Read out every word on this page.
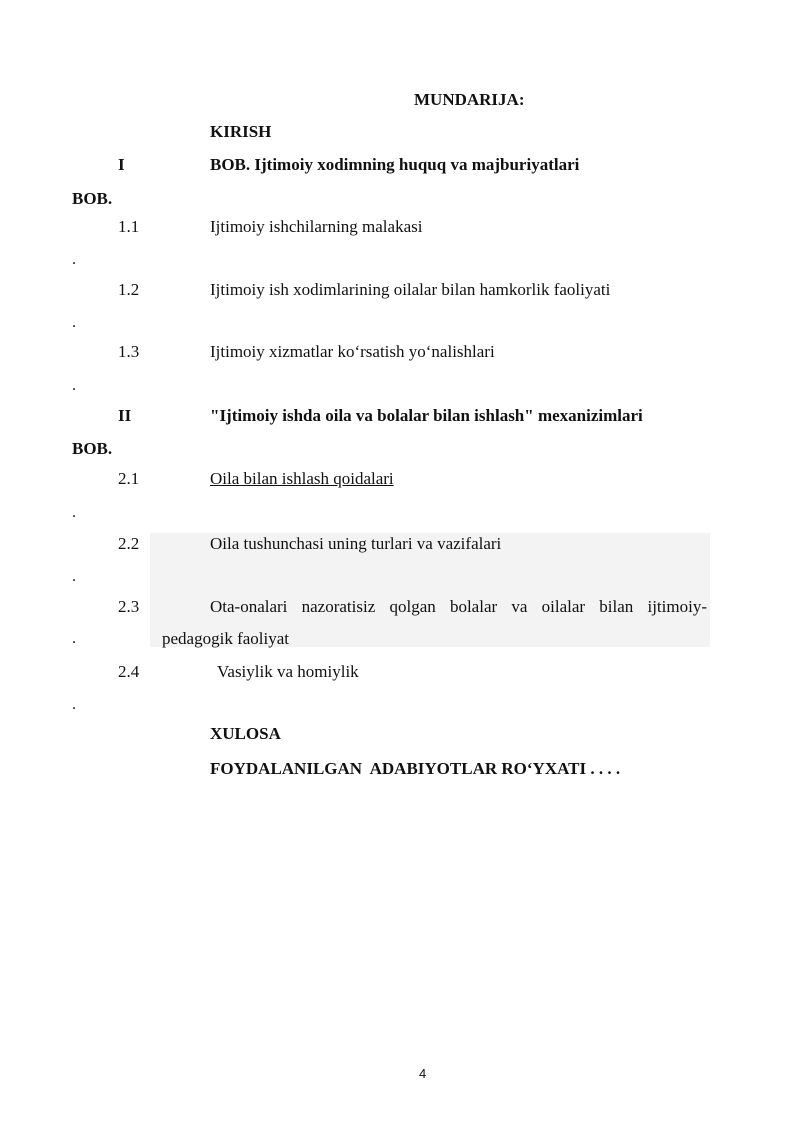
MUNDARIJA:
KIRISH
I	BOB. Ijtimoiy xodimning huquq va majburiyatlari
BOB.
1.1	Ijtimoiy ishchilarning malakasi
.
1.2	Ijtimoiy ish xodimlarining oilalar bilan hamkorlik faoliyati
.
1.3	Ijtimoiy xizmatlar ko‘rsatish yo‘nalishlari
.
II	"Ijtimoiy ishda oila va bolalar bilan ishlash" mexanizimlari
BOB.
2.1	Oila bilan ishlash qoidalari
.
2.2	Oila tushunchasi uning turlari va vazifalari
.
2.3	Ota-onalari nazoratisiz qolgan bolalar va oilalar bilan ijtimoiy-
pedagogik faoliyat
.
2.4	Vasiylik va homiylik
.
XULOSA
FOYDALANILGAN  ADABIYOTLAR RO‘YXATI . . . .
4
